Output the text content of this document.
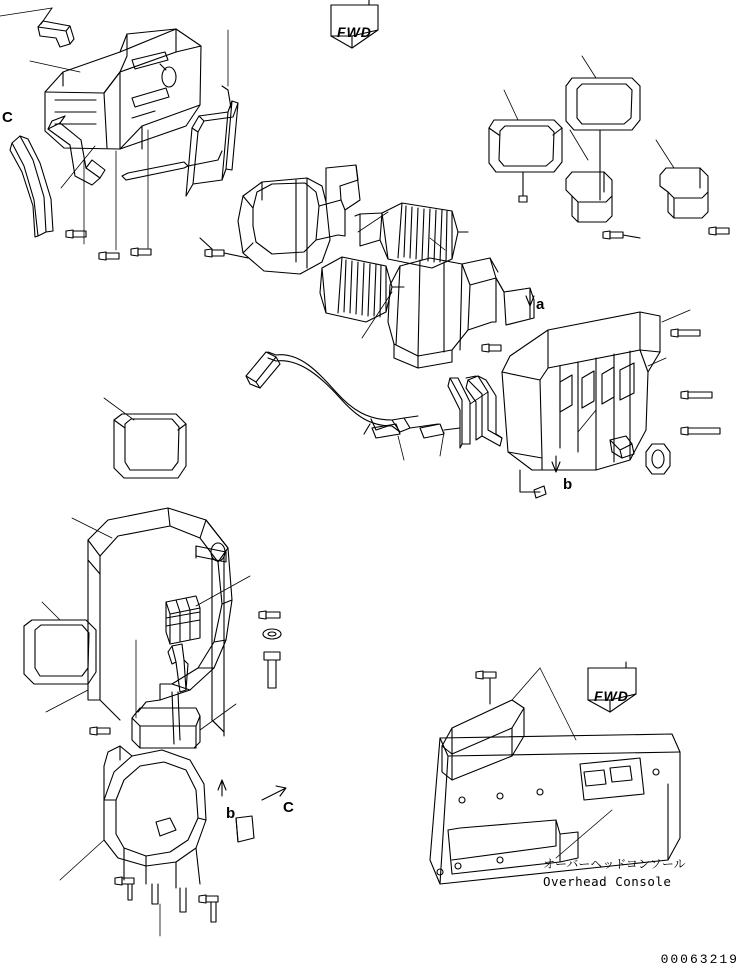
FWD
FWD
C
a
b
b	C
オーバーヘッドコンソール
Overhead Console
00063219
